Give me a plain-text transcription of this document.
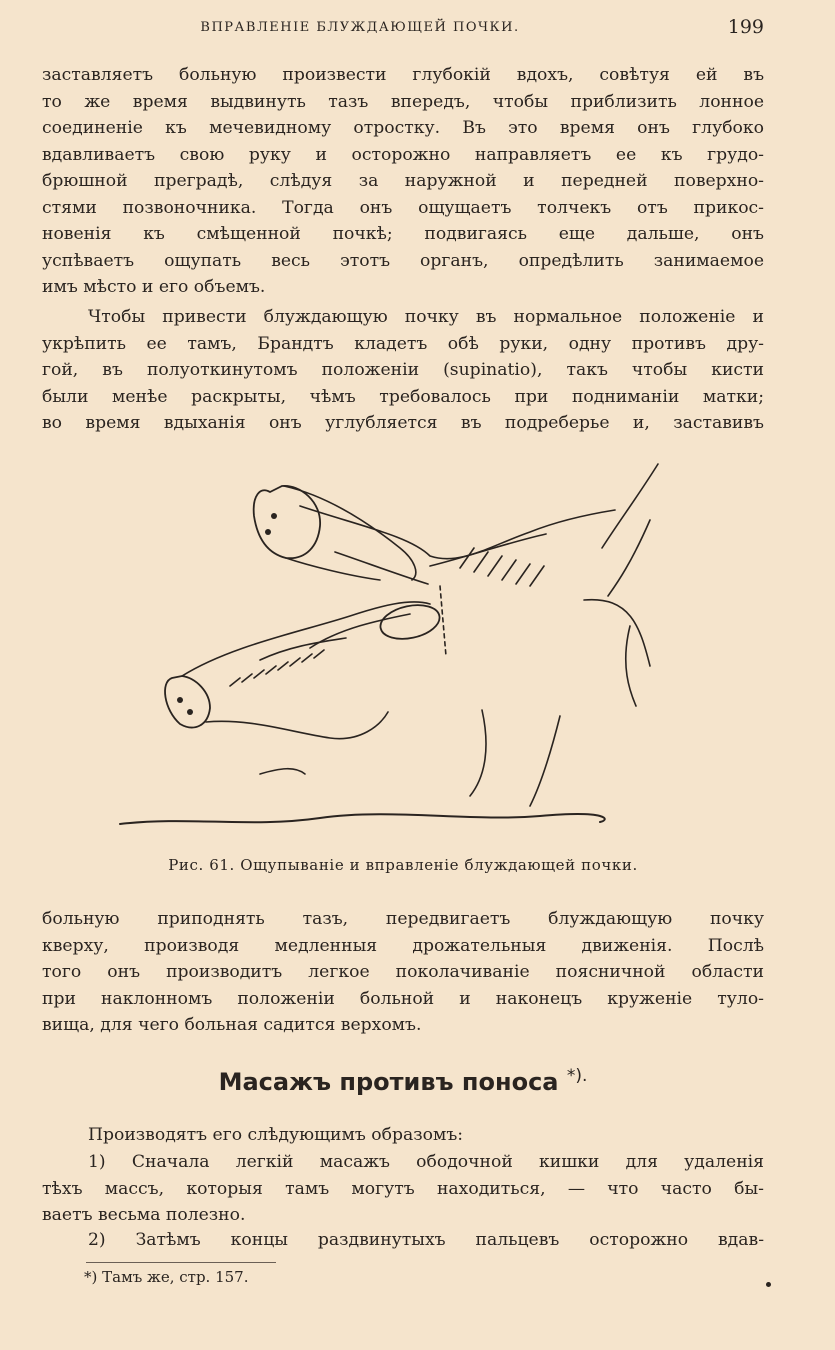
ВПРАВЛЕНІЕ БЛУЖДАЮЩЕЙ ПОЧКИ.	199
заставляетъ больную произвести глубокій вдохъ, совѣтуя ей въ
то же время выдвинуть тазъ впередъ, чтобы приблизить лонное
соединеніе къ мечевидному отростку. Въ это время онъ глубоко
вдавливаетъ свою руку и осторожно направляетъ ее къ грудо-
брюшной преградѣ, слѣдуя за наружной и передней поверхно-
стями позвоночника. Тогда онъ ощущаетъ толчекъ отъ прикос-
новенія къ смѣщенной почкѣ; подвигаясь еще дальше, онъ
успѣваетъ ощупать весь этотъ органъ, опредѣлить занимаемое
имъ мѣсто и его объемъ.
Чтобы привести блуждающую почку въ нормальное положеніе и
укрѣпить ее тамъ, Брандтъ кладетъ обѣ руки, одну противъ дру-
гой, въ полуоткинутомъ положеніи (supinatio), такъ чтобы кисти
были менѣе раскрыты, чѣмъ требовалось при подниманіи матки;
во время вдыханія онъ углубляется въ подреберье и, заставивъ
Рис. 61. Ощупываніе и вправленіе блуждающей почки.
больную приподнять тазъ, передвигаетъ блуждающую почку
кверху, производя медленныя дрожательныя движенія. Послѣ
того онъ производитъ легкое поколачиваніе поясничной области
при наклонномъ положеніи больной и наконецъ круженіе туло-
вища, для чего больная садится верхомъ.
Масажъ противъ поноса *).
Производятъ его слѣдующимъ образомъ:
1) Сначала легкій масажъ ободочной кишки для удаленія
тѣхъ массъ, которыя тамъ могутъ находиться, — что часто бы-
ваетъ весьма полезно.
2) Затѣмъ концы раздвинутыхъ пальцевъ осторожно вдав-
*) Тамъ же, стр. 157.
